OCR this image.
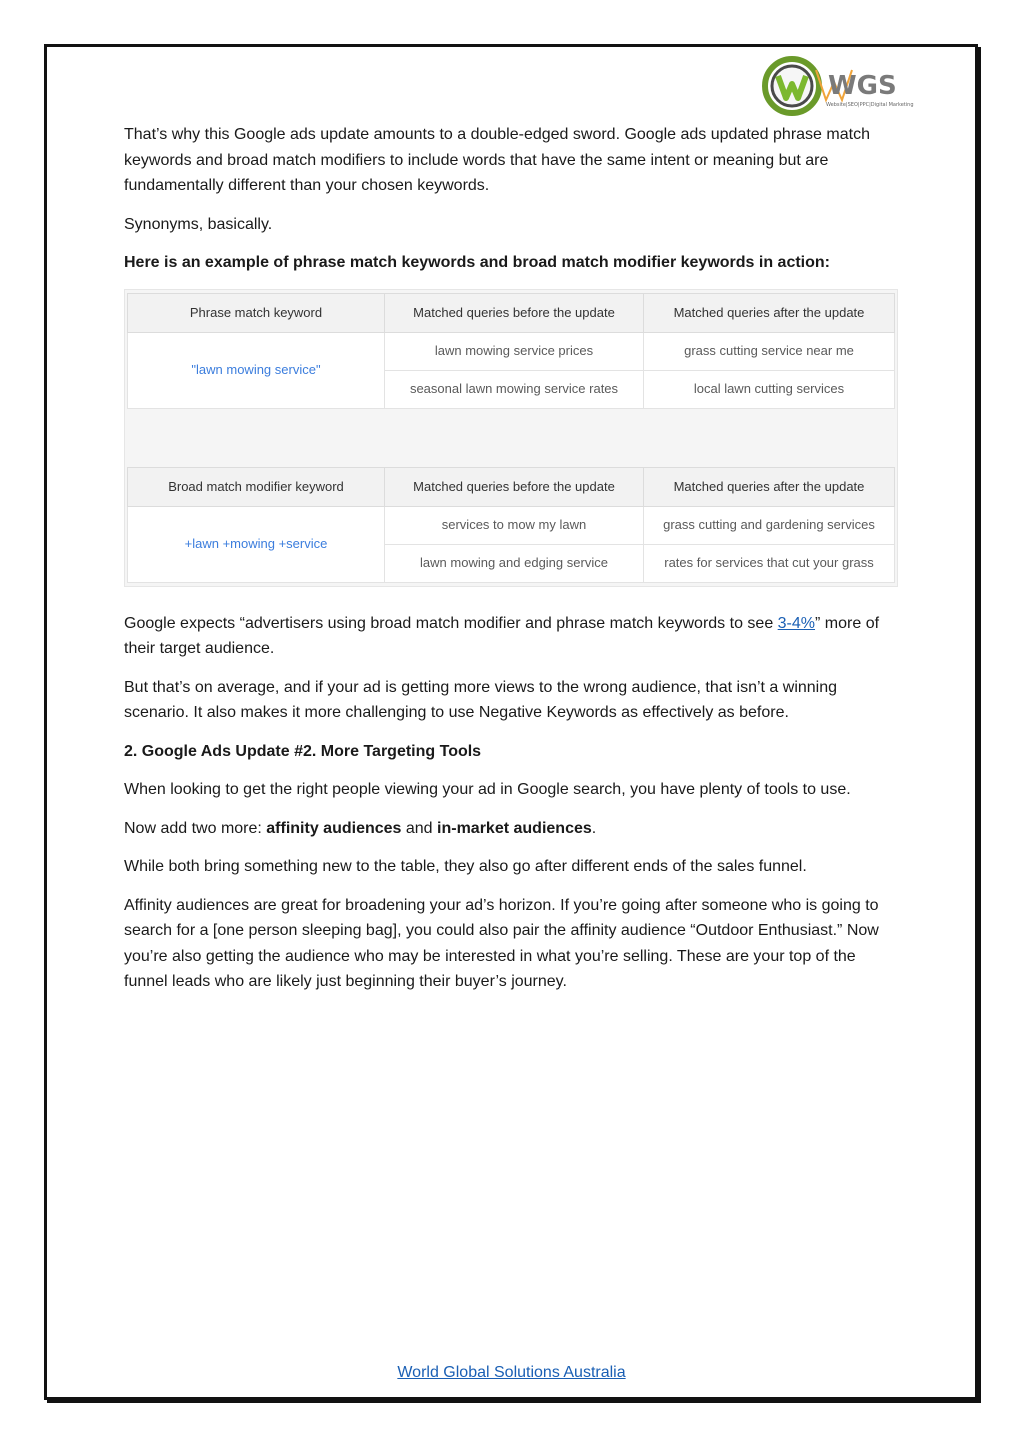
WGS
Website|SEO|PPC|Digital Marketing

That’s why this Google ads update amounts to a double-edged sword. Google ads updated phrase match keywords and broad match modifiers to include words that have the same intent or meaning but are fundamentally different than your chosen keywords.

Synonyms, basically.

Here is an example of phrase match keywords and broad match modifier keywords in action:

Phrase match keyword	Matched queries before the update	Matched queries after the update
"lawn mowing service"	lawn mowing service prices	grass cutting service near me
	seasonal lawn mowing service rates	local lawn cutting services
Broad match modifier keyword	Matched queries before the update	Matched queries after the update
+lawn +mowing +service	services to mow my lawn	grass cutting and gardening services
	lawn mowing and edging service	rates for services that cut your grass

Google expects “advertisers using broad match modifier and phrase match keywords to see 3-4%” more of their target audience.

But that’s on average, and if your ad is getting more views to the wrong audience, that isn’t a winning scenario. It also makes it more challenging to use Negative Keywords as effectively as before.

2. Google Ads Update #2. More Targeting Tools

When looking to get the right people viewing your ad in Google search, you have plenty of tools to use.

Now add two more: affinity audiences and in-market audiences.

While both bring something new to the table, they also go after different ends of the sales funnel.

Affinity audiences are great for broadening your ad’s horizon. If you’re going after someone who is going to search for a [one person sleeping bag], you could also pair the affinity audience “Outdoor Enthusiast.” Now you’re also getting the audience who may be interested in what you’re selling. These are your top of the funnel leads who are likely just beginning their buyer’s journey.

World Global Solutions Australia
